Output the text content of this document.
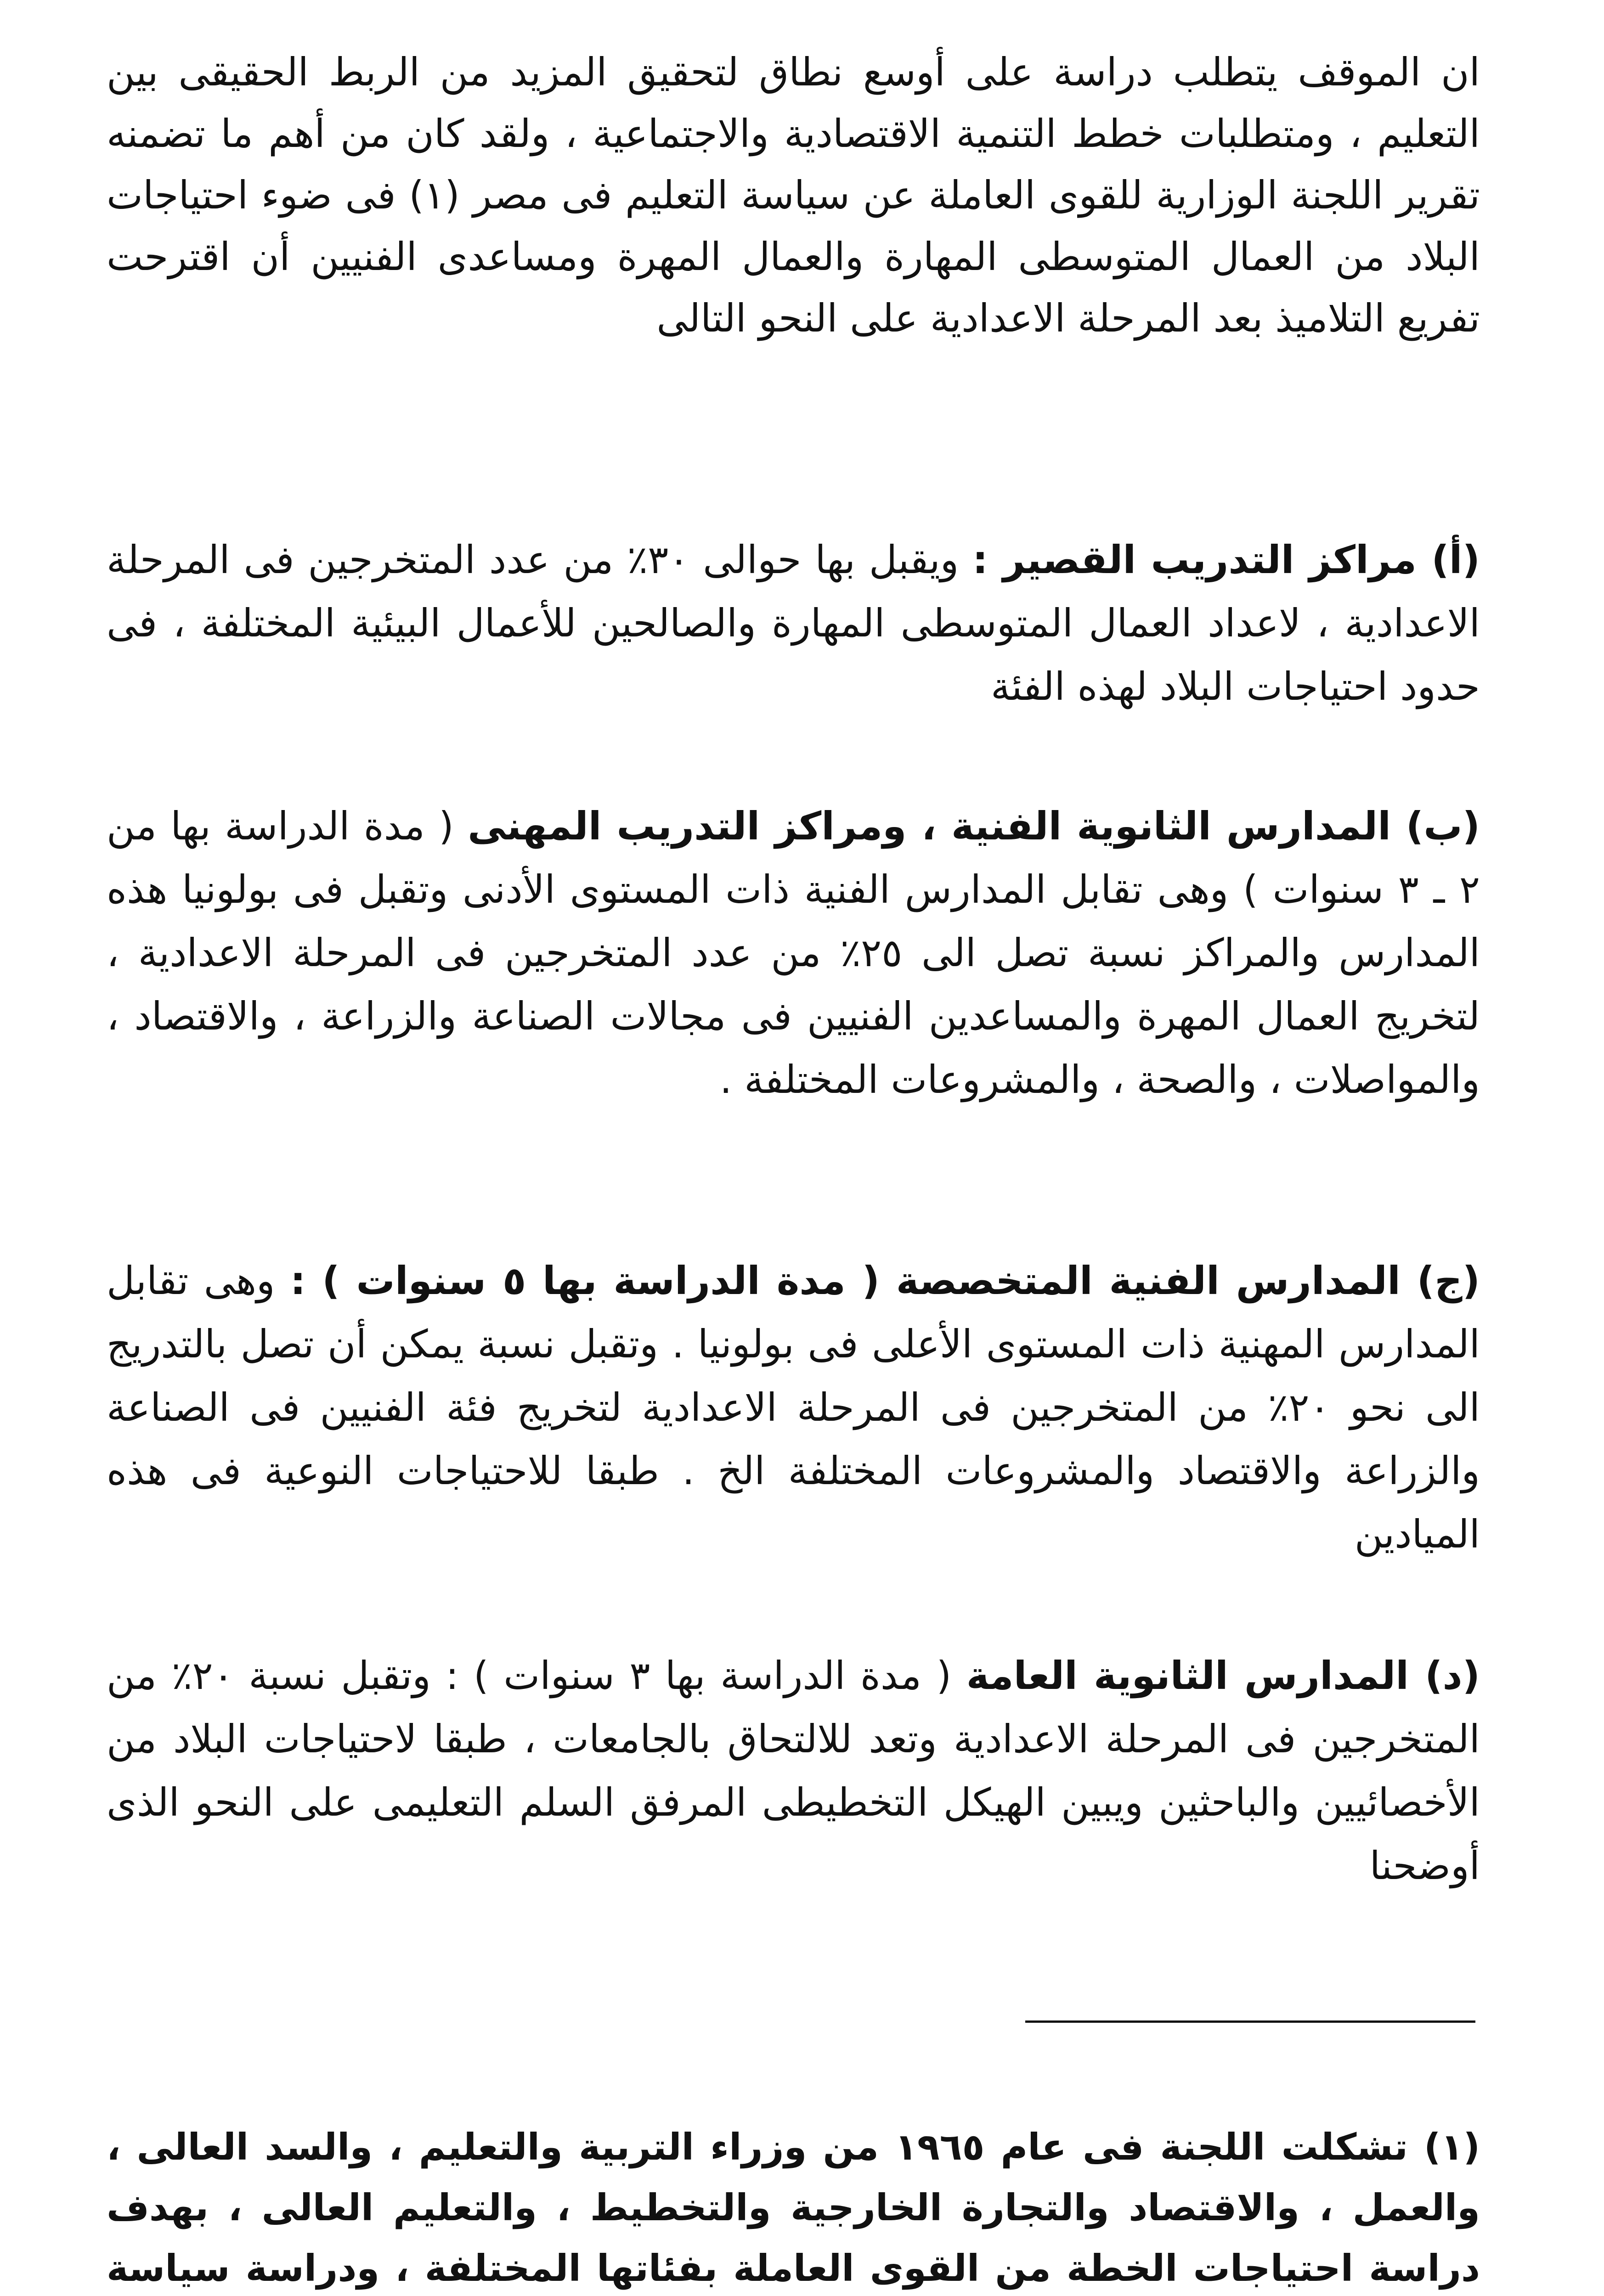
ان الموقف يتطلب دراسة على أوسع نطاق لتحقيق المزيد من الربط الحقيقى بين التعليم ، ومتطلبات خطط التنمية الاقتصادية والاجتماعية ، ولقد كان من أهم ما تضمنه تقرير اللجنة الوزارية للقوى العاملة عن سياسة التعليم فى مصر (١) فى ضوء احتياجات البلاد من العمال المتوسطى المهارة والعمال المهرة ومساعدى الفنيين أن اقترحت تفريع التلاميذ بعد المرحلة الاعدادية على النحو التالى

(أ) مراكز التدريب القصير : ويقبل بها حوالى ٣٠٪ من عدد المتخرجين فى المرحلة الاعدادية ، لاعداد العمال المتوسطى المهارة والصالحين للأعمال البيئية المختلفة ، فى حدود احتياجات البلاد لهذه الفئة
(ب) المدارس الثانوية الفنية ، ومراكز التدريب المهنى ( مدة الدراسة بها من ٢ ـ ٣ سنوات ) وهى تقابل المدارس الفنية ذات المستوى الأدنى وتقبل فى بولونيا هذه المدارس والمراكز نسبة تصل الى ٢٥٪ من عدد المتخرجين فى المرحلة الاعدادية ، لتخريج العمال المهرة والمساعدين الفنيين فى مجالات الصناعة والزراعة ، والاقتصاد ، والمواصلات ، والصحة ، والمشروعات المختلفة .
(ج) المدارس الفنية المتخصصة ( مدة الدراسة بها ٥ سنوات ) : وهى تقابل المدارس المهنية ذات المستوى الأعلى فى بولونيا . وتقبل نسبة يمكن أن تصل بالتدريج الى نحو ٢٠٪ من المتخرجين فى المرحلة الاعدادية لتخريج فئة الفنيين فى الصناعة والزراعة والاقتصاد والمشروعات المختلفة الخ . طبقا للاحتياجات النوعية فى هذه الميادين
(د) المدارس الثانوية العامة ( مدة الدراسة بها ٣ سنوات ) : وتقبل نسبة ٢٠٪ من المتخرجين فى المرحلة الاعدادية وتعد للالتحاق بالجامعات ، طبقا لاحتياجات البلاد من الأخصائيين والباحثين ويبين الهيكل التخطيطى المرفق السلم التعليمى على النحو الذى أوضحنا

(١) تشكلت اللجنة فى عام ١٩٦٥ من وزراء التربية والتعليم ، والسد العالى ، والعمل ، والاقتصاد والتجارة الخارجية والتخطيط ، والتعليم العالى ، بهدف دراسة احتياجات الخطة من القوى العاملة بفئاتها المختلفة ، ودراسة سياسة
